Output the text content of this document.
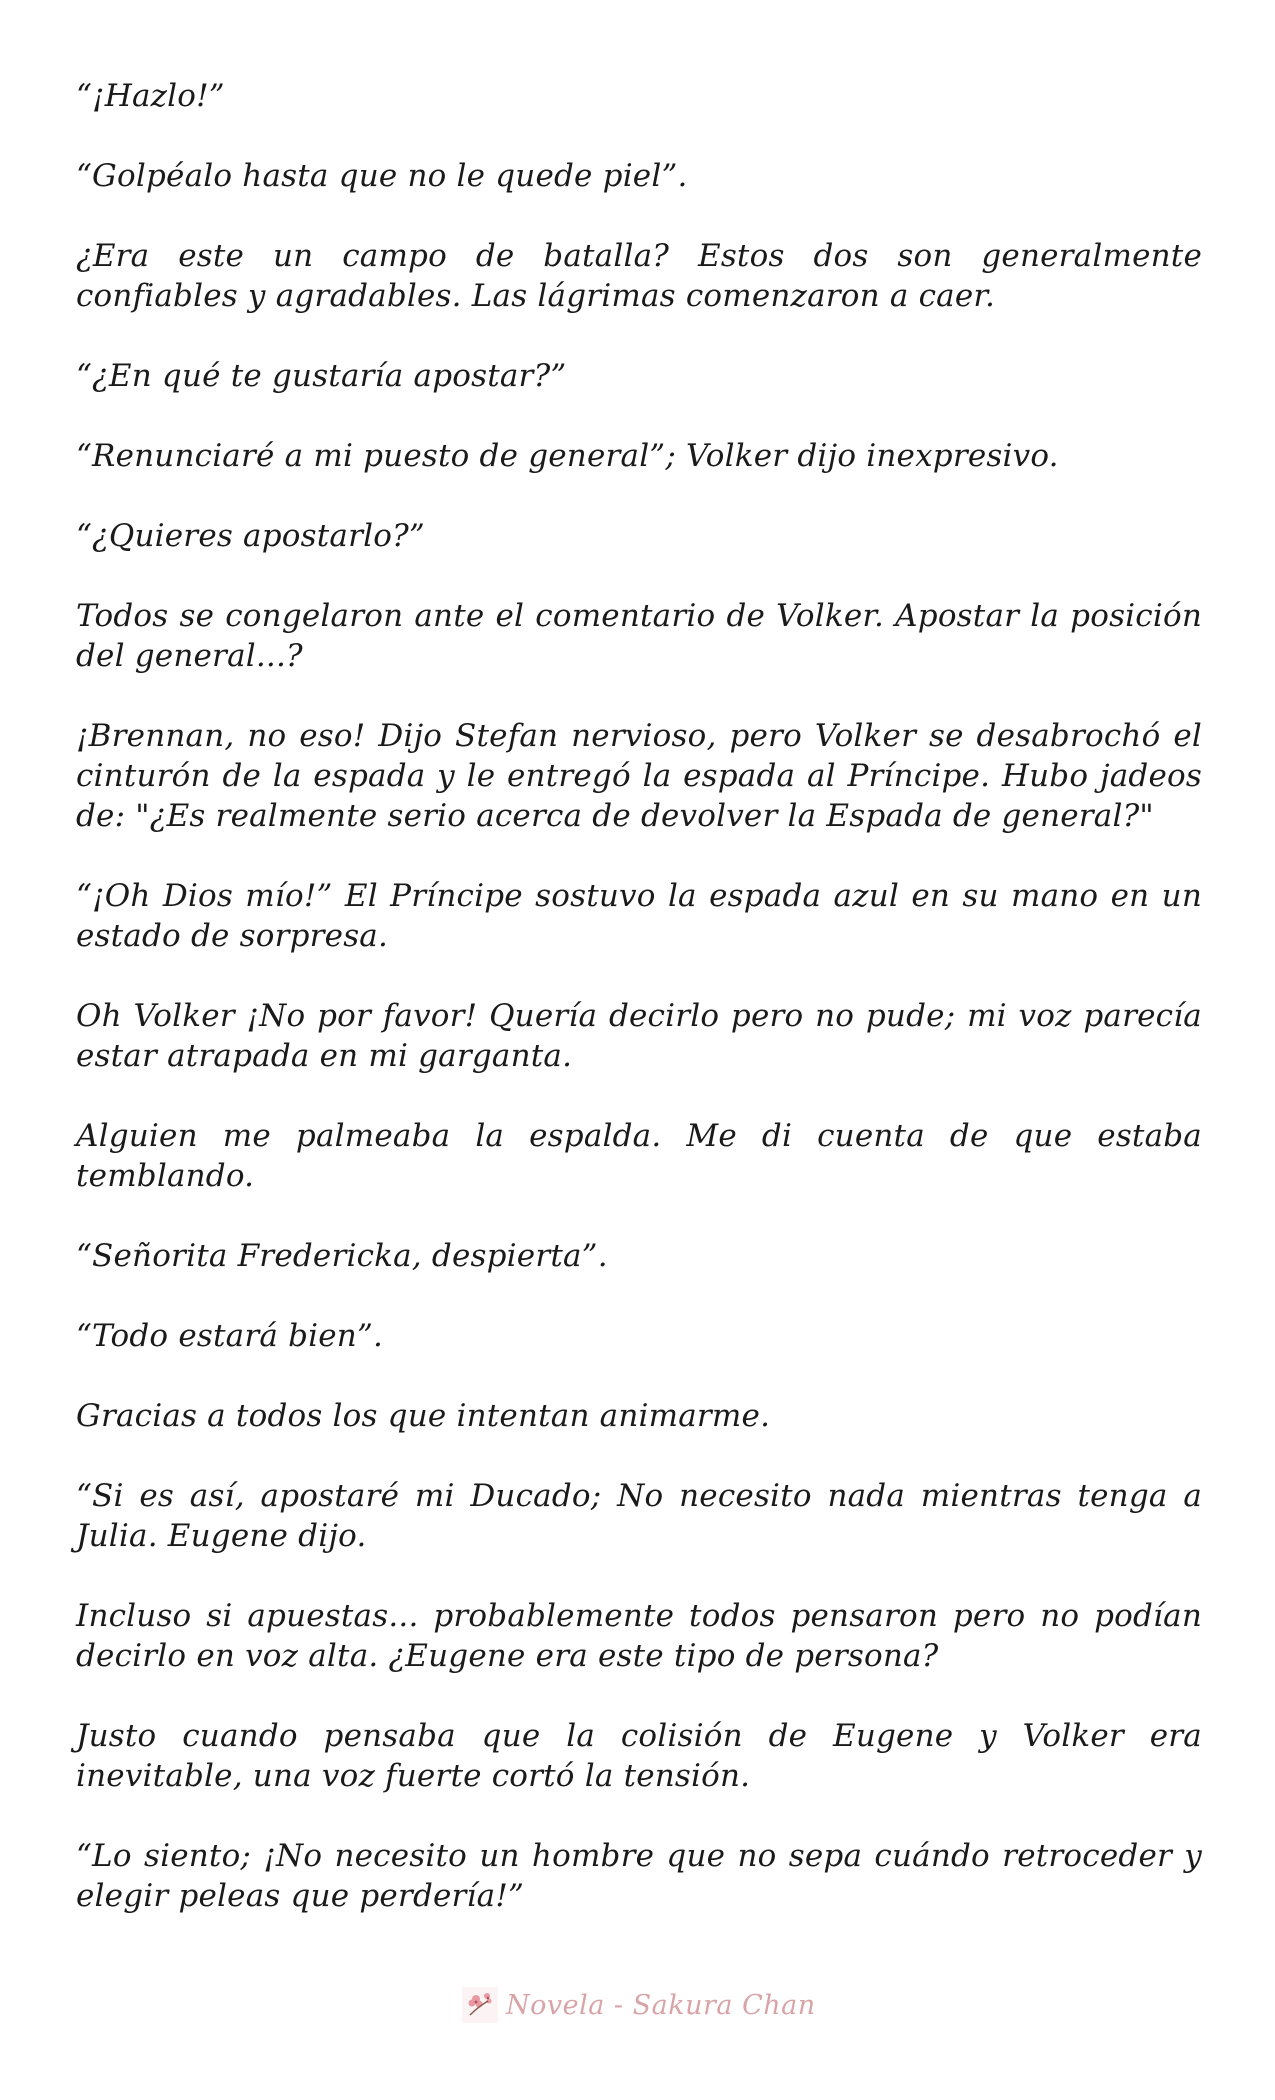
“¡Hazlo!”

“Golpéalo hasta que no le quede piel”.

¿Era este un campo de batalla? Estos dos son generalmente confiables y agradables. Las lágrimas comenzaron a caer.

“¿En qué te gustaría apostar?”

“Renunciaré a mi puesto de general”; Volker dijo inexpresivo.

“¿Quieres apostarlo?”

Todos se congelaron ante el comentario de Volker. Apostar la posición del general...?

¡Brennan, no eso! Dijo Stefan nervioso, pero Volker se desabrochó el cinturón de la espada y le entregó la espada al Príncipe. Hubo jadeos de: "¿Es realmente serio acerca de devolver la Espada de general?"

“¡Oh Dios mío!” El Príncipe sostuvo la espada azul en su mano en un estado de sorpresa.

Oh Volker ¡No por favor! Quería decirlo pero no pude; mi voz parecía estar atrapada en mi garganta.

Alguien me palmeaba la espalda. Me di cuenta de que estaba temblando.

“Señorita Fredericka, despierta”.

“Todo estará bien”.

Gracias a todos los que intentan animarme.

“Si es así, apostaré mi Ducado; No necesito nada mientras tenga a Julia. Eugene dijo.

Incluso si apuestas... probablemente todos pensaron pero no podían decirlo en voz alta. ¿Eugene era este tipo de persona?

Justo cuando pensaba que la colisión de Eugene y Volker era inevitable, una voz fuerte cortó la tensión.

“Lo siento; ¡No necesito un hombre que no sepa cuándo retroceder y elegir peleas que perdería!”

Novela - Sakura Chan
